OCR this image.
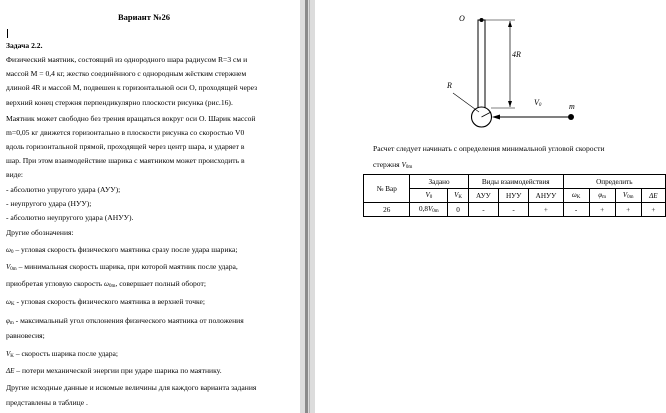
Вариант №26
Задача 2.2.
Физический маятник, состоящий из однородного шара радиусом R=3 см и
массой M = 0,4 кг, жестко соединённого с однородным жёстким стержнем
длиной 4R и массой M, подвешен к горизонтальной оси O, проходящей через
верхний конец стержня перпендикулярно плоскости рисунка (рис.16).
Маятник может свободно без трения вращаться вокруг оси O. Шарик массой
m=0,05 кг движется горизонтально в плоскости рисунка со скоростью V0
вдоль горизонтальной прямой, проходящей через центр шара, и ударяет в
шар. При этом взаимодействие шарика с маятником может происходить в
виде:
- абсолютно упругого удара (АУУ);
- неупругого удара (НУУ);
- абсолютно неупругого удара (АНУУ).
Другие обозначения:
$\omega_0$ – угловая скорость физического маятника сразу после удара шарика;
$V_{0m}$ – минимальная скорость шарика, при которой маятник после удара,
приобретая угловую скорость $\omega_{0m}$, совершает полный оборот;
$\omega_K$ - угловая скорость физического маятника в верхней точке;
$\varphi_m$ - максимальный угол отклонения физического маятника от положения
равновесия;
$V_K$ – скорость шарика после удара;
ΔE – потери механической энергии при ударе шарика по маятнику.
Другие исходные данные и искомые величины для каждого варианта задания
представлены в таблице .
O
4R
R
$V_0$	m
Расчет следует начинать с определения минимальной угловой скорости
стержня $V_{0m}$
№ Вар	Задано		Виды взаимодействия			Определить			
	$V_0$	$V_K$	АУУ	НУУ	АНУУ	$\omega_K$	$\varphi_m$	$V_{0m}$	ΔE
26	$0,8V_{0m}$	0	-	-	+	-	+	+	+
